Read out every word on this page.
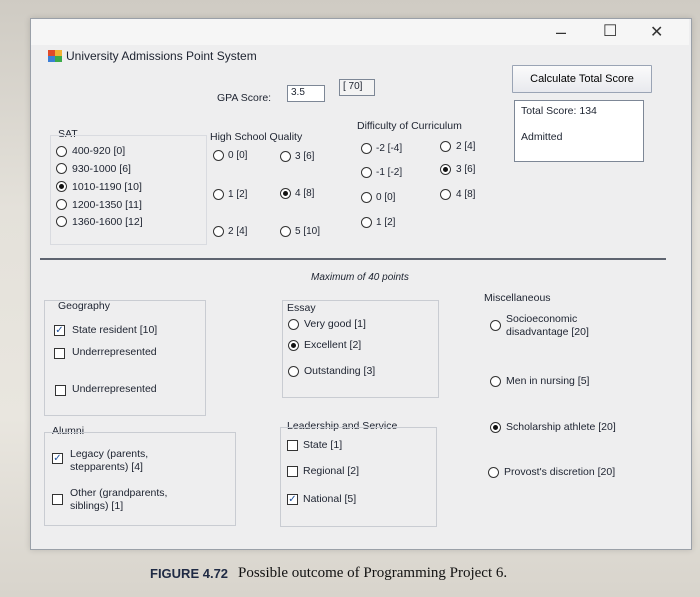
– ☐ ✕
University Admissions Point System
GPA Score:	3.5
[ 70]
Calculate Total Score
Total Score: 134
Admitted
SAT
400-920 [0]
930-1000 [6]
1010-1190 [10]
1200-1350 [11]
1360-1600 [12]
High School Quality
0 [0]	3 [6]
1 [2]	4 [8]
2 [4]	5 [10]
Difficulty of Curriculum
-2 [-4]	2 [4]
-1 [-2]	3 [6]
0 [0]	4 [8]
1 [2]
Maximum of 40 points
Geography
✓ State resident [10]
Underrepresented
Underrepresented
Alumni
✓ Legacy (parents,
stepparents) [4]
Other (grandparents,
siblings) [1]
Essay
Very good [1]
Excellent [2]
Outstanding [3]
Leadership and Service
State [1]
Regional [2]
✓ National [5]
Miscellaneous
Socioeconomic
disadvantage [20]
Men in nursing [5]
Scholarship athlete [20]
Provost's discretion [20]
FIGURE 4.72 Possible outcome of Programming Project 6.
